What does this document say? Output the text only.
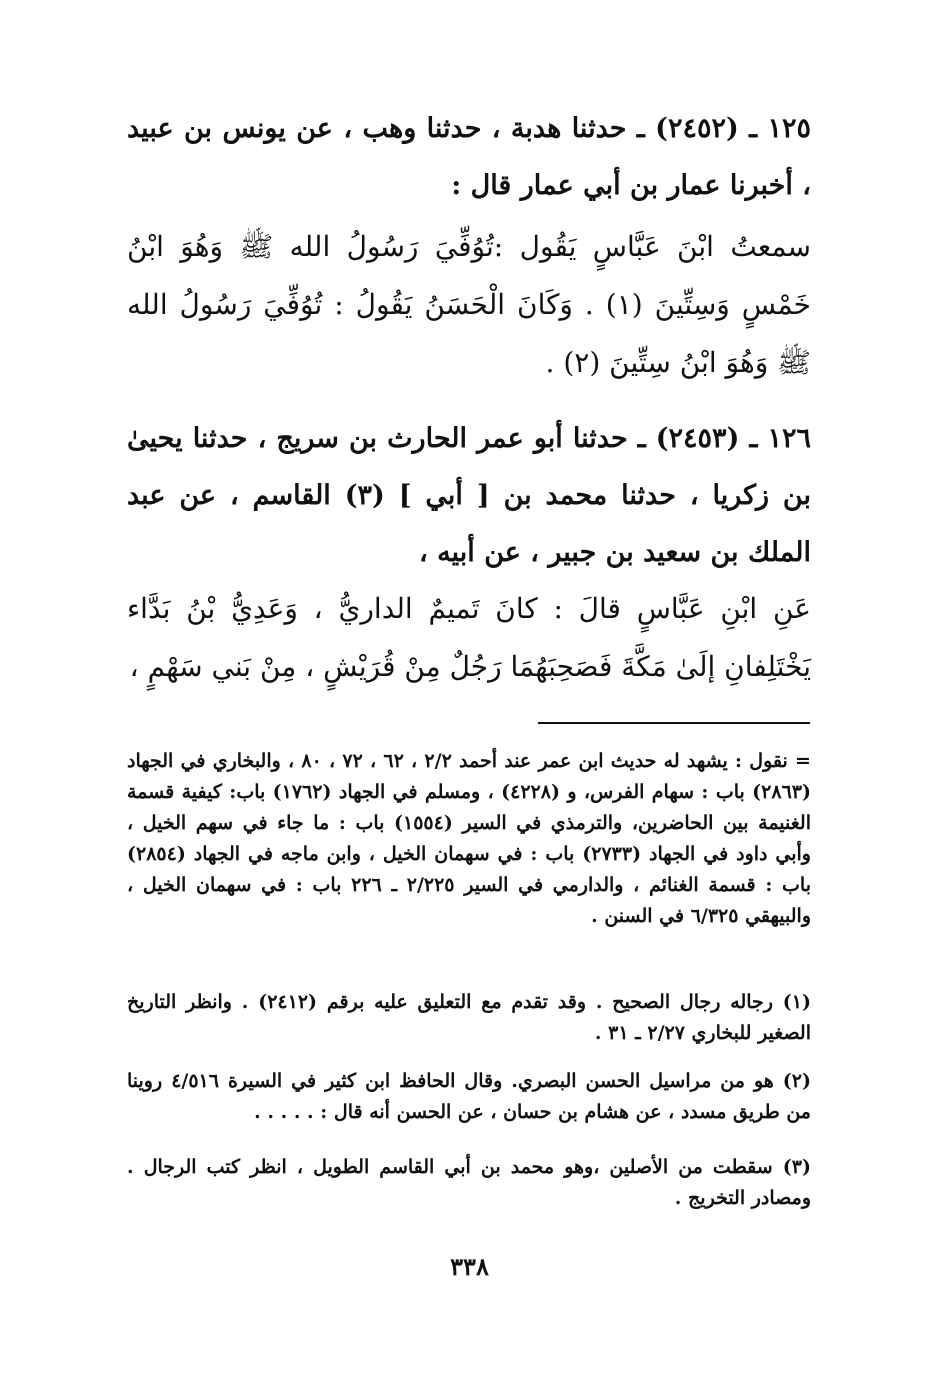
١٢٥ ـ (٢٤٥٢) ـ حدثنا هدبة ، حدثنا وهب ، عن يونس بن عبيد ، أخبرنا عمار بن أبي عمار قال :

سمعتُ ابْنَ عَبَّاسٍ يَقُول :تُوُفِّيَ رَسُولُ الله ﷺ وَهُوَ ابْنُ خَمْسٍ وَسِتِّينَ (١) . وَكَانَ الْحَسَنُ يَقُولُ : تُوُفِّيَ رَسُولُ الله ﷺ وَهُوَ ابْنُ سِتِّينَ (٢) .

١٢٦ ـ (٢٤٥٣) ـ حدثنا أبو عمر الحارث بن سريج ، حدثنا يحيىٰ بن زكريا ، حدثنا محمد بن [ أبي ] (٣) القاسم ، عن عبد الملك بن سعيد بن جبير ، عن أبيه ،

عَنِ ابْنِ عَبَّاسٍ قالَ : كانَ تَميمٌ الداريُّ ، وَعَدِيُّ بْنُ بَدَّاء يَخْتَلِفانِ إلَىٰ مَكَّةَ فَصَحِبَهُمَا رَجُلٌ مِنْ قُرَيْشٍ ، مِنْ بَني سَهْمٍ ،

= نقول : يشهد له حديث ابن عمر عند أحمد ٢/٢ ، ٦٢ ، ٧٢ ، ٨٠ ، والبخاري في الجهاد (٢٨٦٣) باب : سهام الفرس، و (٤٢٢٨) ، ومسلم في الجهاد (١٧٦٢) باب: كيفية قسمة الغنيمة بين الحاضرين، والترمذي في السير (١٥٥٤) باب : ما جاء في سهم الخيل ، وأبي داود في الجهاد (٢٧٣٣) باب : في سهمان الخيل ، وابن ماجه في الجهاد (٢٨٥٤) باب : قسمة الغنائم ، والدارمي في السير ٢/٢٢٥ ـ ٢٢٦ باب : في سهمان الخيل ، والبيهقي ٦/٣٢٥ في السنن .

(١) رجاله رجال الصحيح . وقد تقدم مع التعليق عليه برقم (٢٤١٢) . وانظر التاريخ الصغير للبخاري ٢/٢٧ ـ ٣١ .

(٢) هو من مراسيل الحسن البصري. وقال الحافظ ابن كثير في السيرة ٤/٥١٦ روينا من طريق مسدد ، عن هشام بن حسان ، عن الحسن أنه قال : . . . . .

(٣) سقطت من الأصلين ،وهو محمد بن أبي القاسم الطويل ، انظر كتب الرجال . ومصادر التخريج .

٣٣٨
